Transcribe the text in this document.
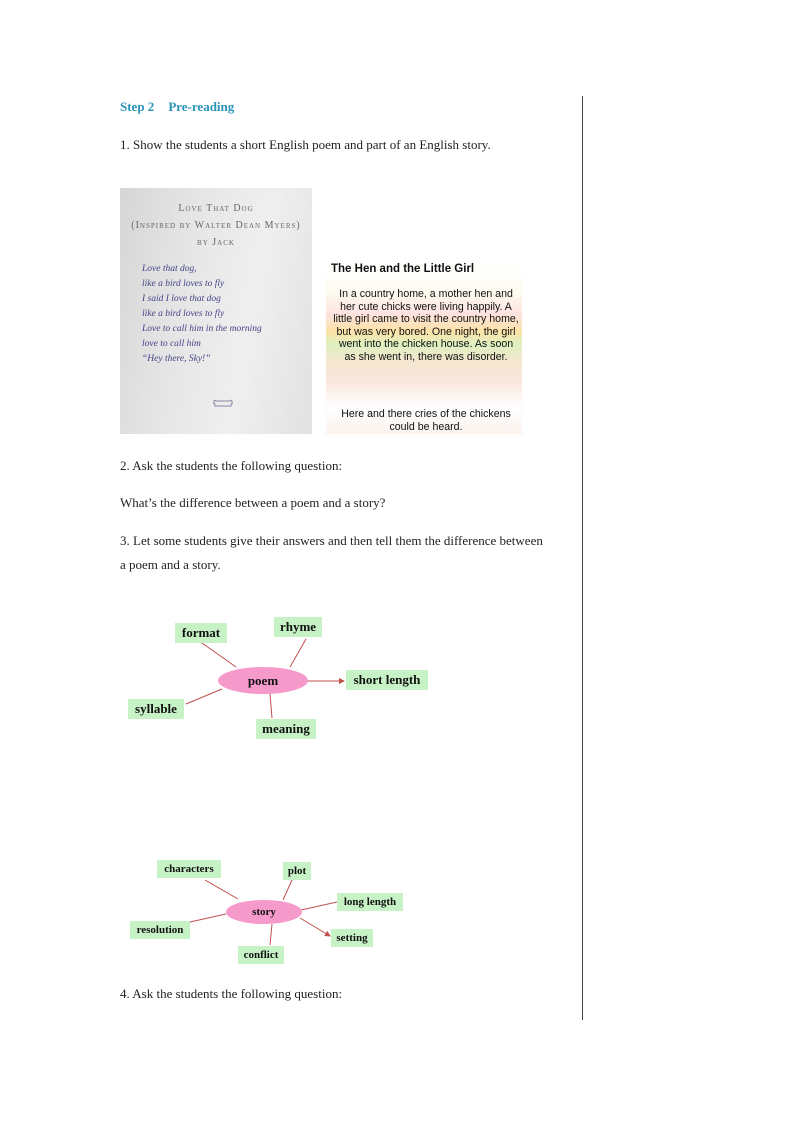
Step 2 Pre-reading
1. Show the students a short English poem and part of an English story.
Love That Dog
(Inspired by Walter Dean Myers)
by Jack
Love that dog,
like a bird loves to fly
I said I love that dog
like a bird loves to fly
Love to call him in the morning
love to call him
“Hey there, Sky!”
The Hen and the Little Girl
In a country home, a mother hen and her cute chicks were living happily. A little girl came to visit the country home, but was very bored. One night, the girl went into the chicken house. As soon as she went in, there was disorder.
Here and there cries of the chickens could be heard.
2. Ask the students the following question:
What’s the difference between a poem and a story?
3. Let some students give their answers and then tell them the difference between
a poem and a story.
poem
format	rhyme
short length
syllable
meaning
story
characters	plot
long length
resolution
setting
conflict
4. Ask the students the following question:
